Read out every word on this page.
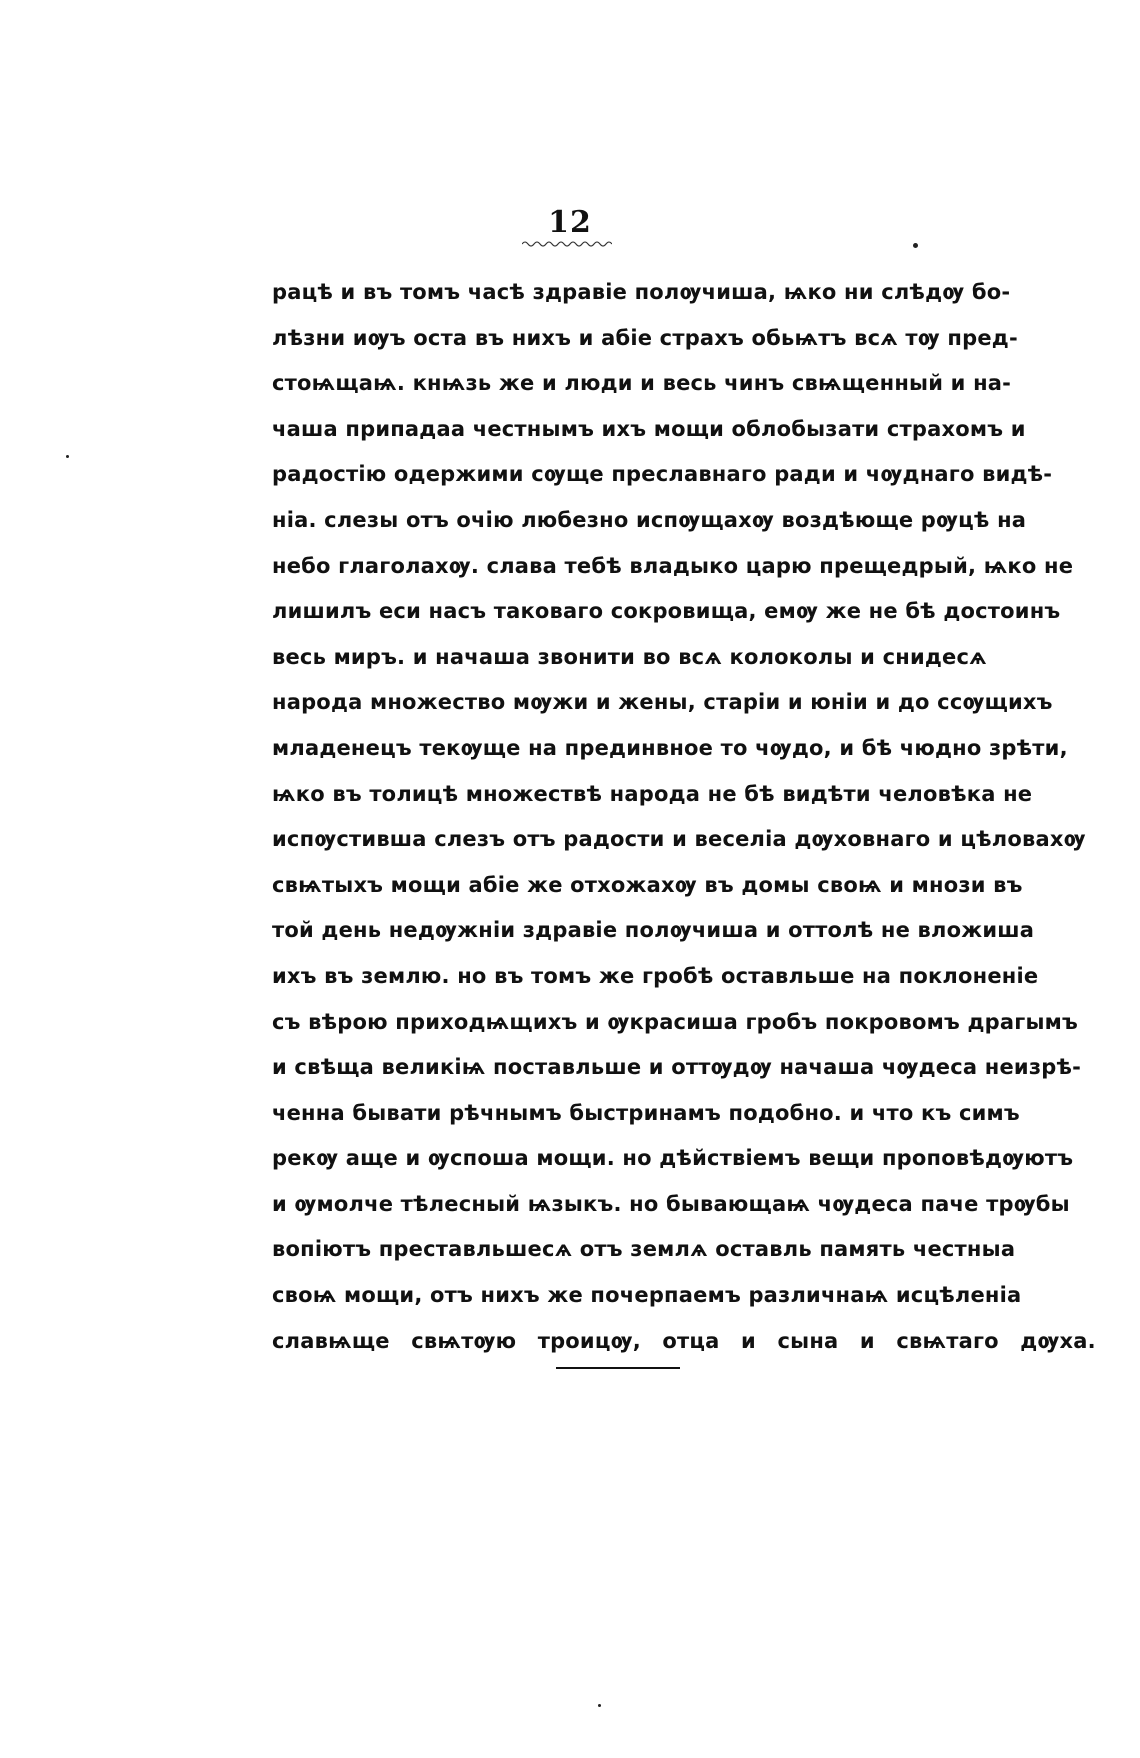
12
рацѣ и въ томъ часѣ здравіе полѹчиша, ѩко ни слѣдѹ бо-
лѣзни иѹъ оста въ нихъ и абіе страхъ обьѩтъ всѧ тѹ пред-
стоѩщаѩ. кнѩзь же и люди и весь чинъ свѩщенный и на-
чаша припадаа честнымъ ихъ мощи облобызати страхомъ и
радостію одержими сѹще преславнаго ради и чѹднаго видѣ-
ніа. слезы отъ очію любезно испѹщахѹ воздѣюще рѹцѣ на
небо глаголахѹ. слава тебѣ владыко царю прещедрый, ѩко не
лишилъ еси насъ таковаго сокровища, емѹ же не бѣ достоинъ
весь миръ. и начаша звонити во всѧ колоколы и снидесѧ
народа множество мѹжи и жены, старіи и юніи и до ссѹщихъ
младенецъ текѹще на прединвное то чѹдо, и бѣ чюдно зрѣти,
ѩко въ толицѣ множествѣ народа не бѣ видѣти человѣка не
испѹстивша слезъ отъ радости и веселіа дѹховнаго и цѣловахѹ
свѩтыхъ мощи абіе же отхожахѹ въ домы своѩ и мнози въ
той день недѹжніи здравіе полѹчиша и оттолѣ не вложиша
ихъ въ землю. но въ томъ же гробѣ оставльше на поклоненіе
съ вѣрою приходѩщихъ и ѹкрасиша гробъ покровомъ драгымъ
и свѣща великіѩ поставльше и оттѹдѹ начаша чѹдеса неизрѣ-
ченна бывати рѣчнымъ быстринамъ подобно. и что къ симъ
рекѹ аще и ѹспоша мощи. но дѣйствіемъ вещи проповѣдѹютъ
и ѹмолче тѣлесный ѩзыкъ. но бывающаѩ чѹдеса паче трѹбы
вопіютъ преставльшесѧ отъ землѧ оставль память честныа
своѩ мощи, отъ нихъ же почерпаемъ различнаѩ исцѣленіа
славѩще свѩтѹю троицѹ, отца и сына и свѩтаго дѹха.
